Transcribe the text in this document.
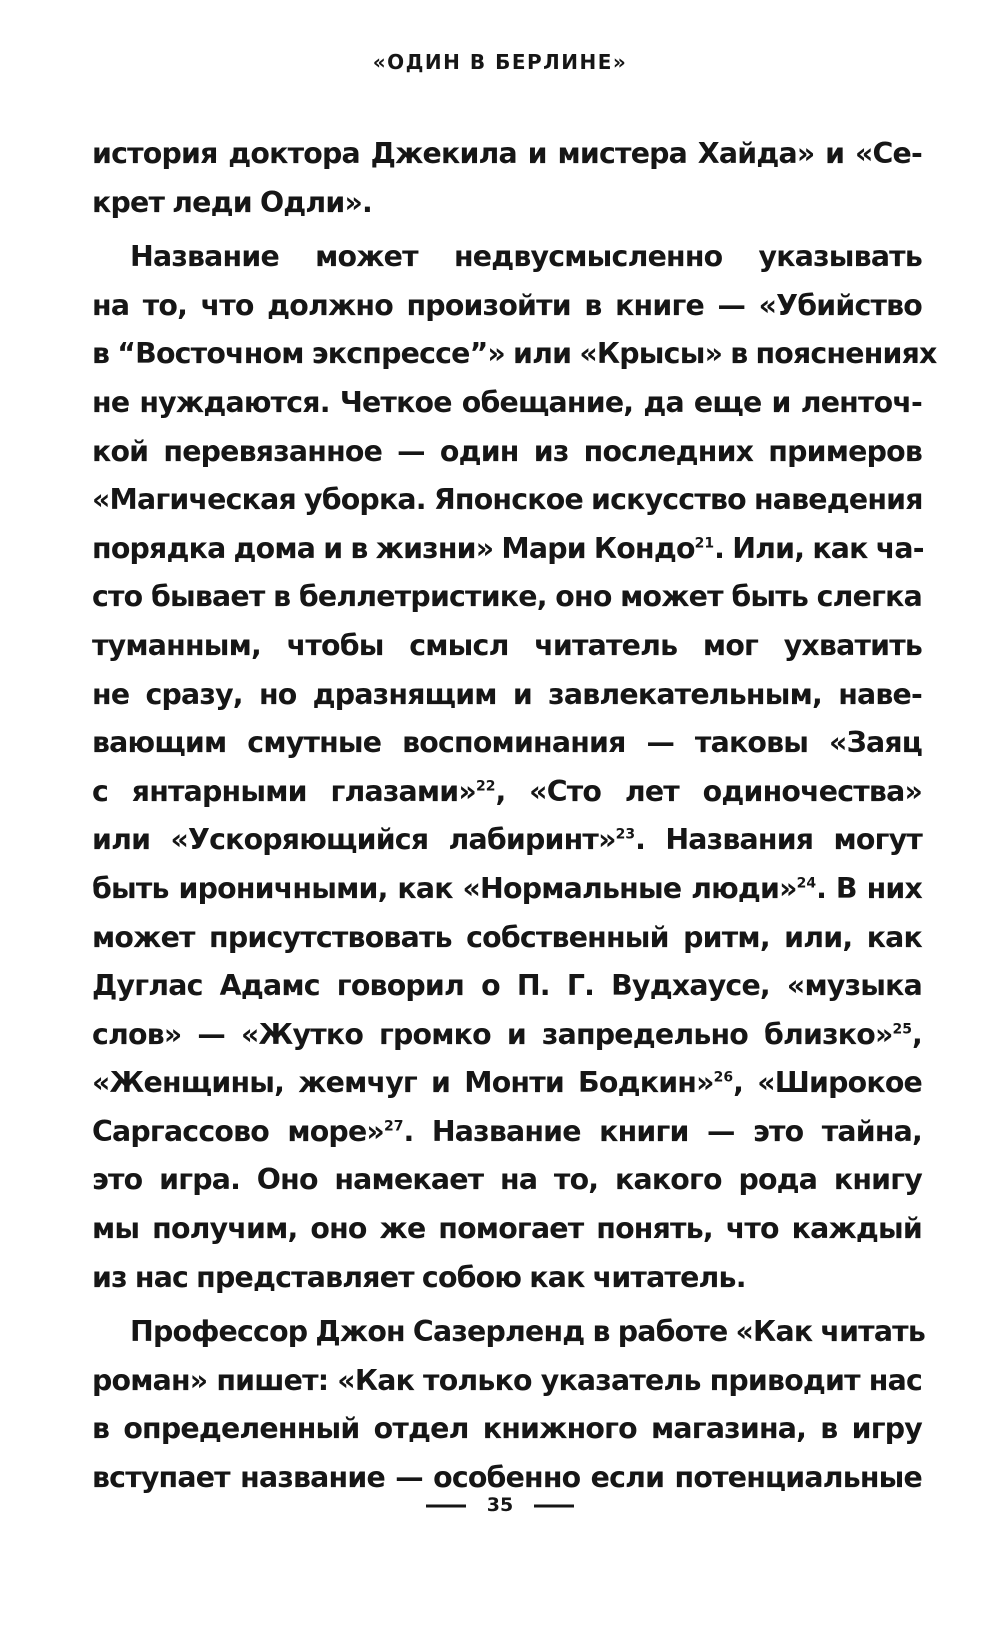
«ОДИН В БЕРЛИНЕ»
история доктора Джекила и мистера Хайда» и «Се-
крет леди Одли».
Название может недвусмысленно указывать
на то, что должно произойти в книге — «Убийство
в “Восточном экспрессе”» или «Крысы» в пояснениях
не нуждаются. Четкое обещание, да еще и ленточ-
кой перевязанное — один из последних примеров
«Магическая уборка. Японское искусство наведения
порядка дома и в жизни» Мари Кондо$^{21}$. Или, как ча-
сто бывает в беллетристике, оно может быть слегка
туманным, чтобы смысл читатель мог ухватить
не сразу, но дразнящим и завлекательным, наве-
вающим смутные воспоминания — таковы «Заяц
с янтарными глазами»$^{22}$, «Сто лет одиночества»
или «Ускоряющийся лабиринт»$^{23}$. Названия могут
быть ироничными, как «Нормальные люди»$^{24}$. В них
может присутствовать собственный ритм, или, как
Дуглас Адамс говорил о П. Г. Вудхаусе, «музыка
слов» — «Жутко громко и запредельно близко»$^{25}$,
«Женщины, жемчуг и Монти Бодкин»$^{26}$, «Широкое
Саргассово море»$^{27}$. Название книги — это тайна,
это игра. Оно намекает на то, какого рода книгу
мы получим, оно же помогает понять, что каждый
из нас представляет собою как читатель.
Профессор Джон Сазерленд в работе «Как читать
роман» пишет: «Как только указатель приводит нас
в определенный отдел книжного магазина, в игру
вступает название — особенно если потенциальные
35
